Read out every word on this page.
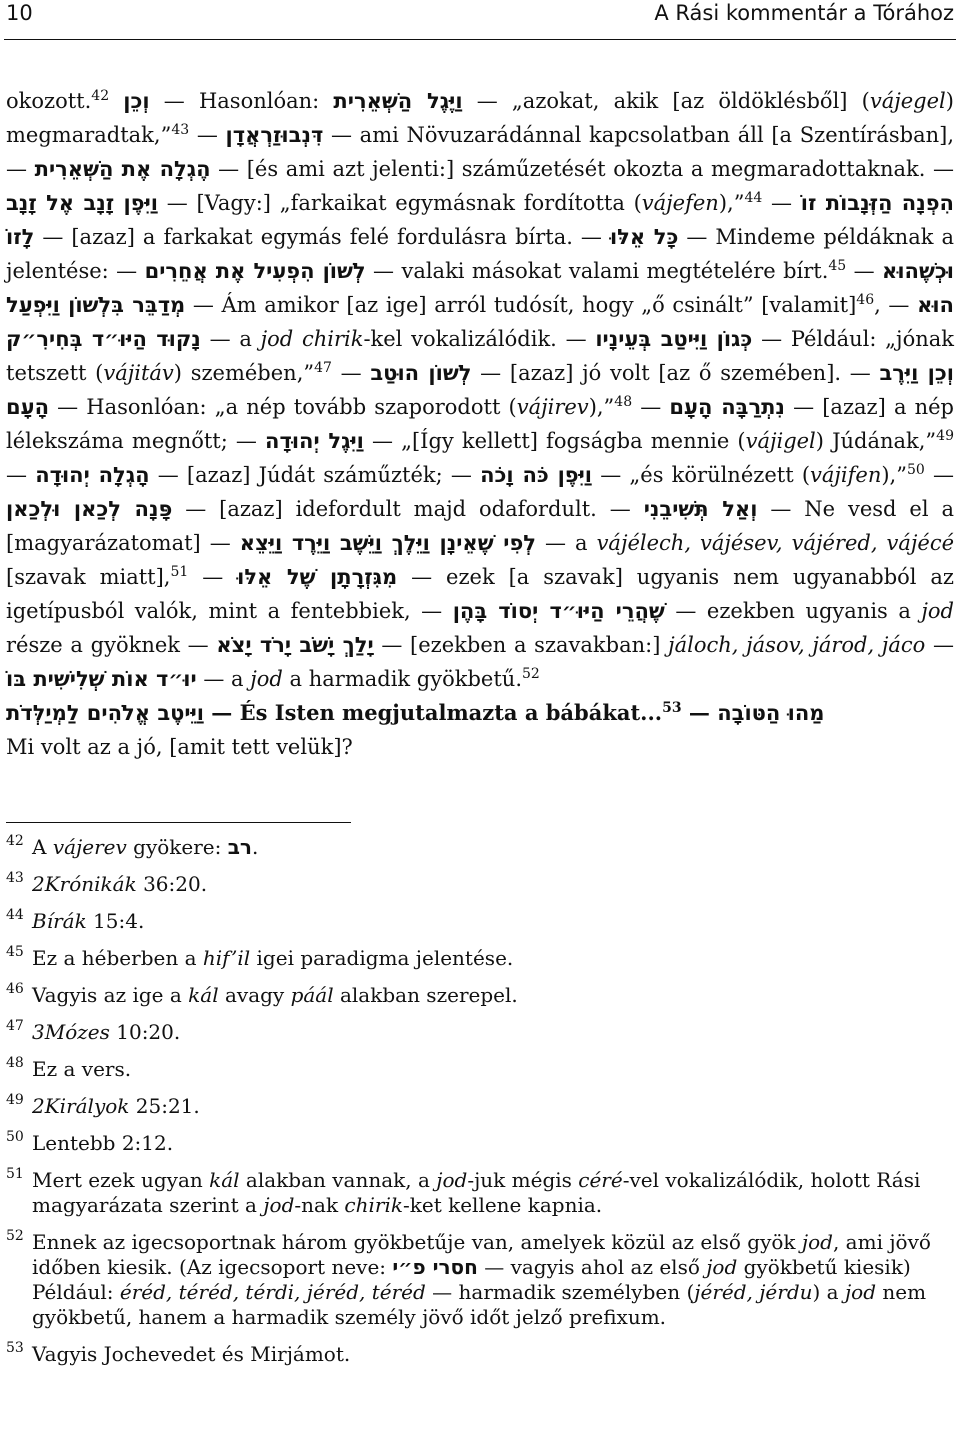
10	A Rási kommentár a Tórához

okozott.$^{42}$ וְכֵן — Hasonlóan: וַיֶּגֶל הַשְּׁאֵרִית — „azokat, akik [az öldöklésből] (vájegel) megmaradtak,”$^{43}$ — דִּנְבוּזַרְאֲדָן — ami Növuzarádánnal kapcsolatban áll [a Szentírásban], — הֶגְלָה אֶת הַשְּׁאֵרִית — [és ami azt jelenti:] száműzetését okozta a megmaradottaknak. — וַיִּפֶן זָנָב אֶל זָנָב — [Vagy:] „farkaikat egymásnak fordította (vájefen),”$^{44}$ — הִפְנָה הַזְּנָבוֹת זוֹ לָזוֹ — [azaz] a farkakat egymás felé fordulásra bírta. — כָּל אֵלּוּ — Mindeme példáknak a jelentése: — לְשׁוֹן הִפְעִיל אֶת אֲחֵרִים — valaki másokat valami megtételére bírt.$^{45}$ — וּכְשֶׁהוּא מְדַבֵּר בִּלְשׁוֹן וַיִּפְעַל — Ám amikor [az ige] arról tudósít, hogy „ő csinált” [valamit]$^{46}$, — הוּא נָקוּד הַיּוּ״ד בְּחִירִ״ק — a jod chirik-kel vokalizálódik. — כְּגוֹן וַיִּיטַב בְּעֵינָיו — Például: „jónak tetszett (vájitáv) szemében,”$^{47}$ — לְשׁוֹן הוּטַב — [azaz] jó volt [az ő szemében]. — וְכֵן וַיִּרֶב הָעָם — Hasonlóan: „a nép tovább szaporodott (vájirev),”$^{48}$ — נִתְרַבָּה הָעָם — [azaz] a nép lélekszáma megnőtt; — וַיִּגֶל יְהוּדָה — „[Így kellett] fogságba mennie (vájigel) Júdának,”$^{49}$ — הָגְלָה יְהוּדָה — [azaz] Júdát száműzték; — וַיִּפֶן כֹּה וָכֹה — „és körülnézett (vájifen),”$^{50}$ — פָּנָה לְכַאן וּלְכַאן — [azaz] idefordult majd odafordult. — וְאַל תְּשִׁיבֵנִי — Ne vesd el a [magyarázatomat] — לְפִי שֶׁאֵינָן וַיֵּלֶךְ וַיֵּשֶׁב וַיֵּרֶד וַיֵּצֵא — a vájélech, vájésev, vájéred, vájécé [szavak miatt],$^{51}$ — מִגִּזְרָתָן שֶׁל אֵלּוּ — ezek [a szavak] ugyanis nem ugyanabból az igetípusból valók, mint a fentebbiek, — שֶׁהֲרֵי הַיּוּ״ד יְסוֹד בָּהֶן — ezekben ugyanis a jod része a gyöknek — יָלַךְ יָשֹׁב יָרֹד יָצֹא — [ezekben a szavakban:] jáloch, jásov, járod, jáco — יוּ״ד אוֹת שְׁלִישִׁית בּוֹ — a jod a harmadik gyökbetű.$^{52}$

וַיֵּיטֶב אֱלֹהִים לַמְיַלְּדֹת — És Isten megjutalmazta a bábákat...$^{53}$ — מַהוּ הַטּוֹבָה

Mi volt az a jó, [amit tett velük]?

42 A vájerev gyökere: רב.
43 2Krónikák 36:20.
44 Bírák 15:4.
45 Ez a héberben a hif’il igei paradigma jelentése.
46 Vagyis az ige a kál avagy páál alakban szerepel.
47 3Mózes 10:20.
48 Ez a vers.
49 2Királyok 25:21.
50 Lentebb 2:12.
51 Mert ezek ugyan kál alakban vannak, a jod-juk mégis céré-vel vokalizálódik, holott Rási magyarázata szerint a jod-nak chirik-ket kellene kapnia.
52 Ennek az igecsoportnak három gyökbetűje van, amelyek közül az első gyök jod, ami jövő időben kiesik. (Az igecsoport neve: חסרי פ״י — vagyis ahol az első jod gyökbetű kiesik) Például: éréd, téréd, térdi, jéréd, téréd — harmadik személyben (jéréd, jérdu) a jod nem gyökbetű, hanem a harmadik személy jövő időt jelző prefixum.
53 Vagyis Jochevedet és Mirjámot.
